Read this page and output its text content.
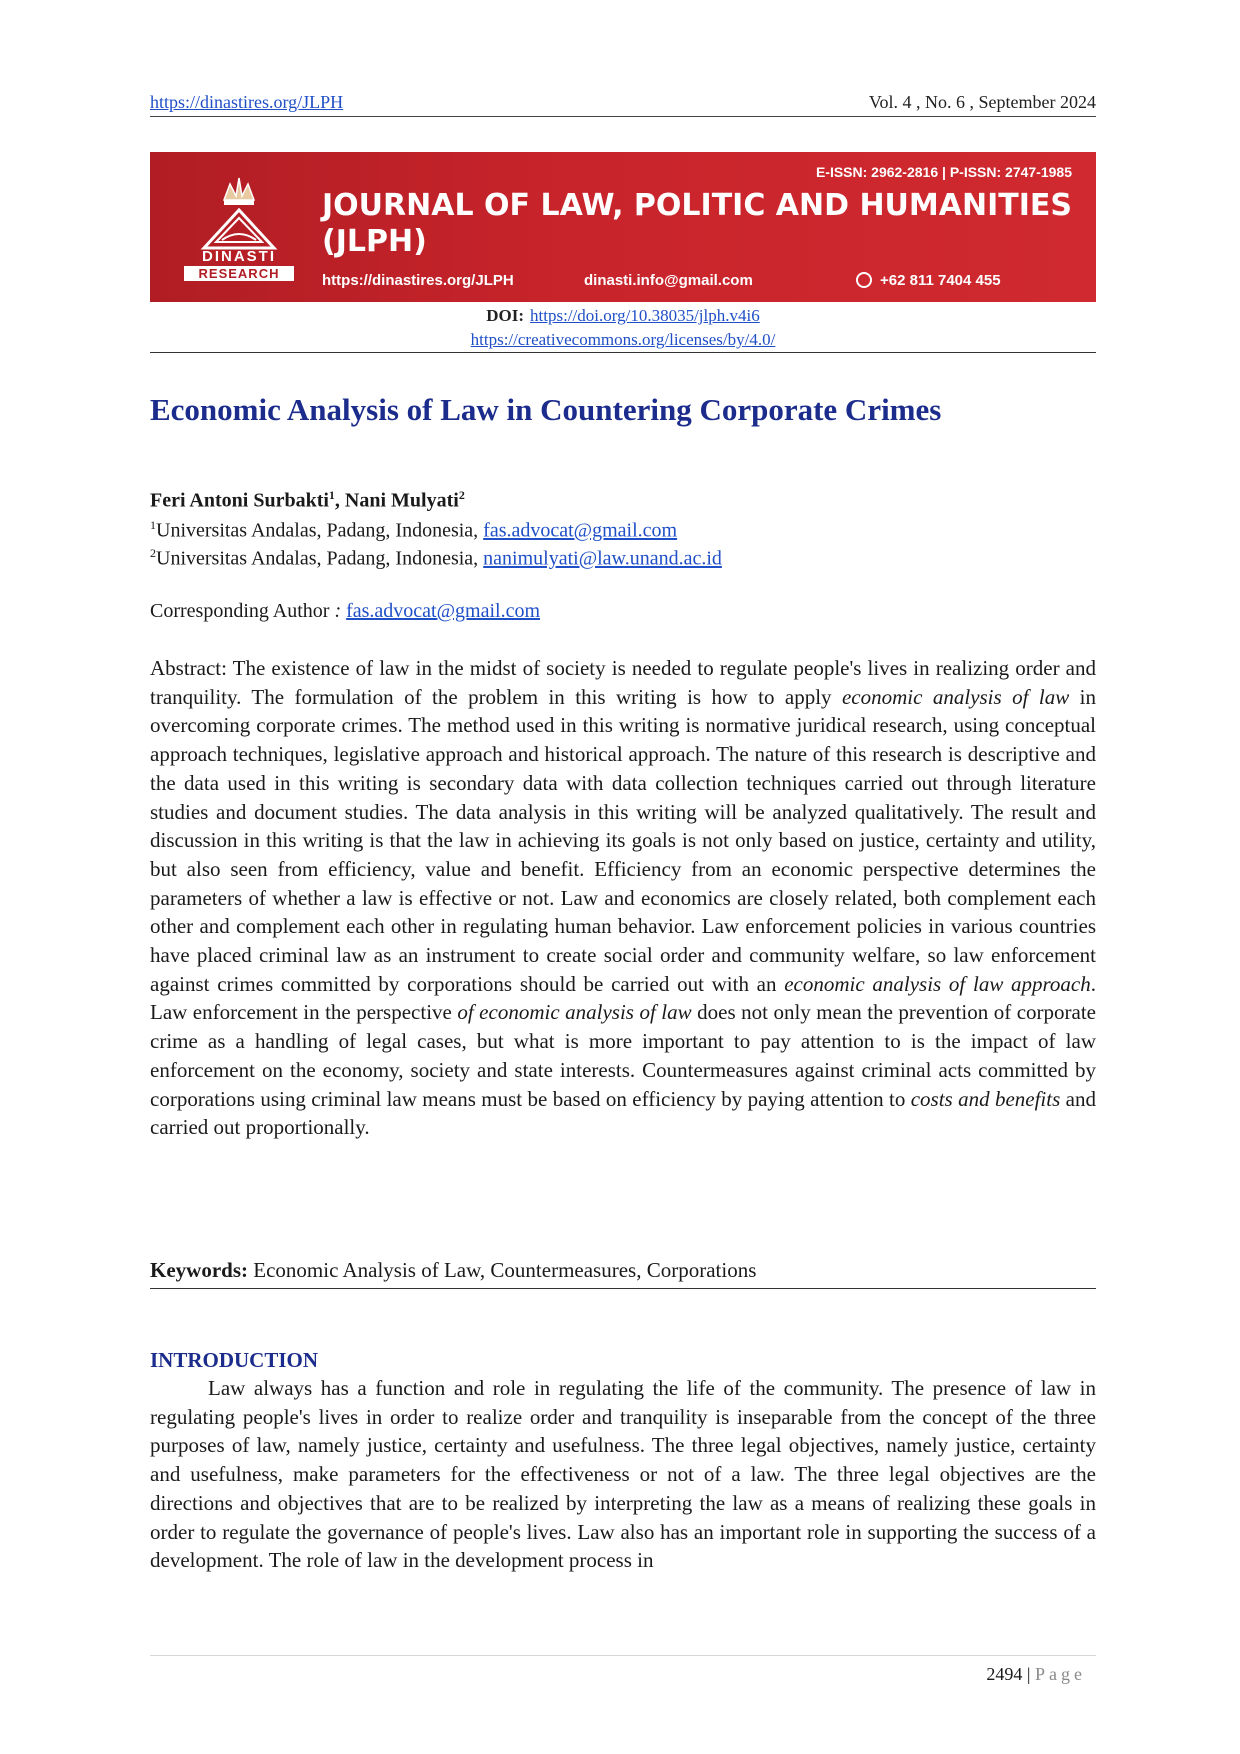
https://dinastires.org/JLPH	Vol. 4 , No. 6 , September 2024
DINASTI
RESEARCH
E-ISSN: 2962-2816 | P-ISSN: 2747-1985
JOURNAL OF LAW, POLITIC AND HUMANITIES
(JLPH)
https://dinastires.org/JLPH	dinasti.info@gmail.com	+62 811 7404 455
DOI: https://doi.org/10.38035/jlph.v4i6
https://creativecommons.org/licenses/by/4.0/
Economic Analysis of Law in Countering Corporate Crimes
Feri Antoni Surbakti$^1$, Nani Mulyati$^2$
$^1$Universitas Andalas, Padang, Indonesia, fas.advocat@gmail.com
$^2$Universitas Andalas, Padang, Indonesia, nanimulyati@law.unand.ac.id
Corresponding Author : fas.advocat@gmail.com
Abstract: The existence of law in the midst of society is needed to regulate people's lives in realizing order and tranquility. The formulation of the problem in this writing is how to apply economic analysis of law in overcoming corporate crimes. The method used in this writing is normative juridical research, using conceptual approach techniques, legislative approach and historical approach. The nature of this research is descriptive and the data used in this writing is secondary data with data collection techniques carried out through literature studies and document studies. The data analysis in this writing will be analyzed qualitatively. The result and discussion in this writing is that the law in achieving its goals is not only based on justice, certainty and utility, but also seen from efficiency, value and benefit. Efficiency from an economic perspective determines the parameters of whether a law is effective or not. Law and economics are closely related, both complement each other and complement each other in regulating human behavior. Law enforcement policies in various countries have placed criminal law as an instrument to create social order and community welfare, so law enforcement against crimes committed by corporations should be carried out with an economic analysis of law approach. Law enforcement in the perspective of economic analysis of law does not only mean the prevention of corporate crime as a handling of legal cases, but what is more important to pay attention to is the impact of law enforcement on the economy, society and state interests. Countermeasures against criminal acts committed by corporations using criminal law means must be based on efficiency by paying attention to costs and benefits and carried out proportionally.
Keywords: Economic Analysis of Law, Countermeasures, Corporations
INTRODUCTION
Law always has a function and role in regulating the life of the community. The presence of law in regulating people's lives in order to realize order and tranquility is inseparable from the concept of the three purposes of law, namely justice, certainty and usefulness. The three legal objectives, namely justice, certainty and usefulness, make parameters for the effectiveness or not of a law. The three legal objectives are the directions and objectives that are to be realized by interpreting the law as a means of realizing these goals in order to regulate the governance of people's lives. Law also has an important role in supporting the success of a development. The role of law in the development process in
2494 | Page
